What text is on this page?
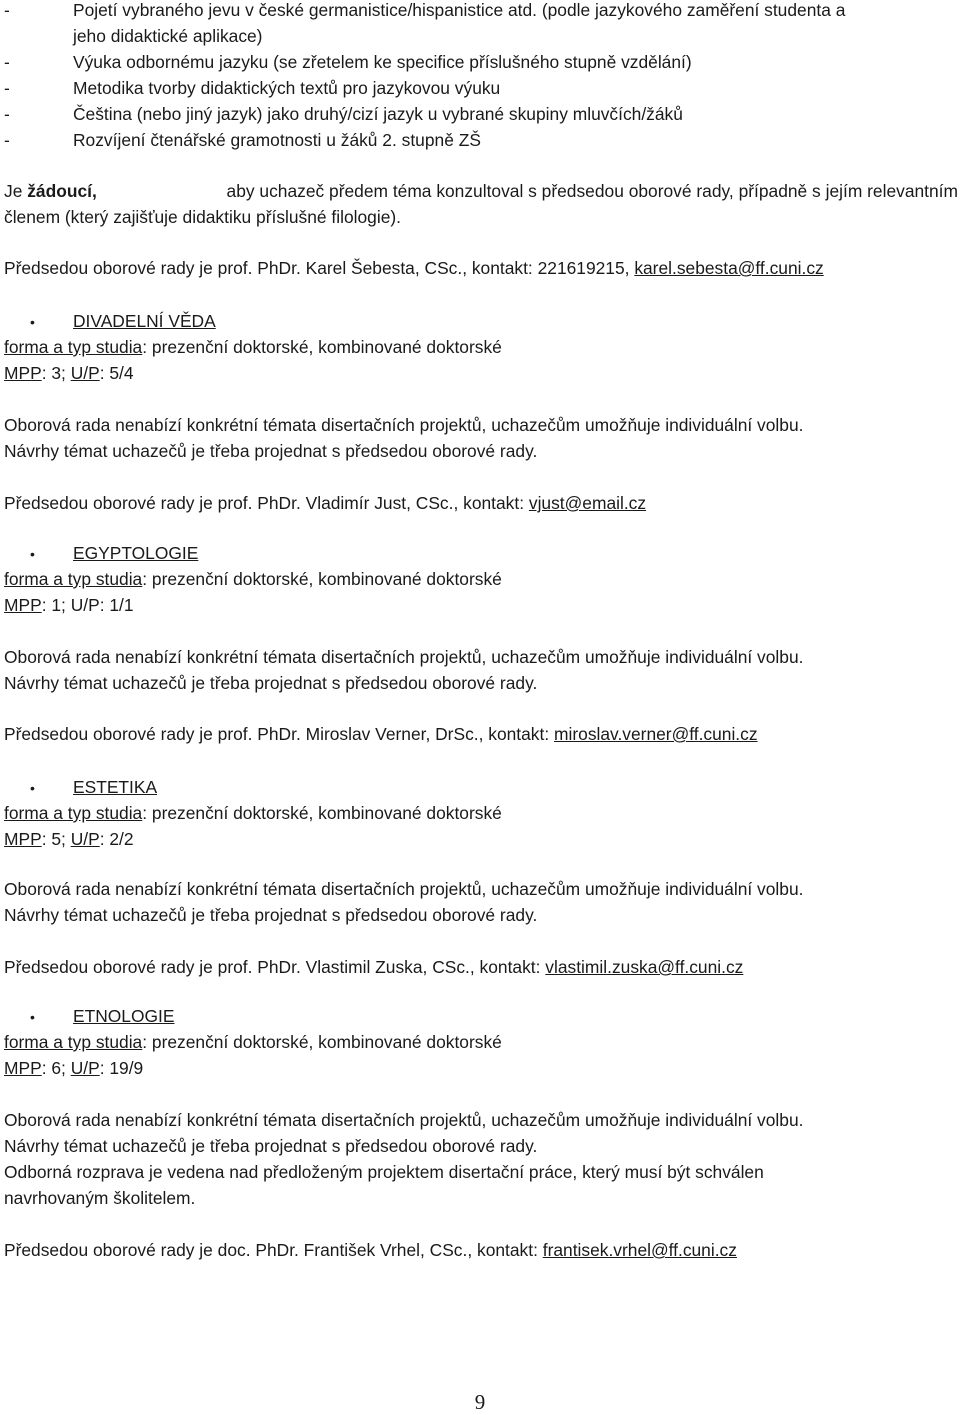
-	Pojetí vybraného jevu v české germanistice/hispanistice atd. (podle jazykového zaměření studenta a
jeho didaktické aplikace)
-	Výuka odbornému jazyku (se zřetelem ke specifice příslušného stupně vzdělání)
-	Metodika tvorby didaktických textů pro jazykovou výuku
-	Čeština (nebo jiný jazyk) jako druhý/cizí jazyk u vybrané skupiny mluvčích/žáků
-	Rozvíjení čtenářské gramotnosti u žáků 2. stupně ZŠ
Je žádoucí,	aby uchazeč předem téma konzultoval s předsedou oborové rady, případně s jejím relevantním
členem (který zajišťuje didaktiku příslušné filologie).
Předsedou oborové rady je prof. PhDr. Karel Šebesta, CSc., kontakt: 221619215, karel.sebesta@ff.cuni.cz
• DIVADELNÍ VĚDA
forma a typ studia: prezenční doktorské, kombinované doktorské
MPP: 3; U/P: 5/4
Oborová rada nenabízí konkrétní témata disertačních projektů, uchazečům umožňuje individuální volbu.
Návrhy témat uchazečů je třeba projednat s předsedou oborové rady.
Předsedou oborové rady je prof. PhDr. Vladimír Just, CSc., kontakt: vjust@email.cz
• EGYPTOLOGIE
forma a typ studia: prezenční doktorské, kombinované doktorské
MPP: 1; U/P: 1/1
Oborová rada nenabízí konkrétní témata disertačních projektů, uchazečům umožňuje individuální volbu.
Návrhy témat uchazečů je třeba projednat s předsedou oborové rady.
Předsedou oborové rady je prof. PhDr. Miroslav Verner, DrSc., kontakt: miroslav.verner@ff.cuni.cz
• ESTETIKA
forma a typ studia: prezenční doktorské, kombinované doktorské
MPP: 5; U/P: 2/2
Oborová rada nenabízí konkrétní témata disertačních projektů, uchazečům umožňuje individuální volbu.
Návrhy témat uchazečů je třeba projednat s předsedou oborové rady.
Předsedou oborové rady je prof. PhDr. Vlastimil Zuska, CSc., kontakt: vlastimil.zuska@ff.cuni.cz
• ETNOLOGIE
forma a typ studia: prezenční doktorské, kombinované doktorské
MPP: 6; U/P: 19/9
Oborová rada nenabízí konkrétní témata disertačních projektů, uchazečům umožňuje individuální volbu.
Návrhy témat uchazečů je třeba projednat s předsedou oborové rady.
Odborná rozprava je vedena nad předloženým projektem disertační práce, který musí být schválen
navrhovaným školitelem.
Předsedou oborové rady je doc. PhDr. František Vrhel, CSc., kontakt: frantisek.vrhel@ff.cuni.cz
9
